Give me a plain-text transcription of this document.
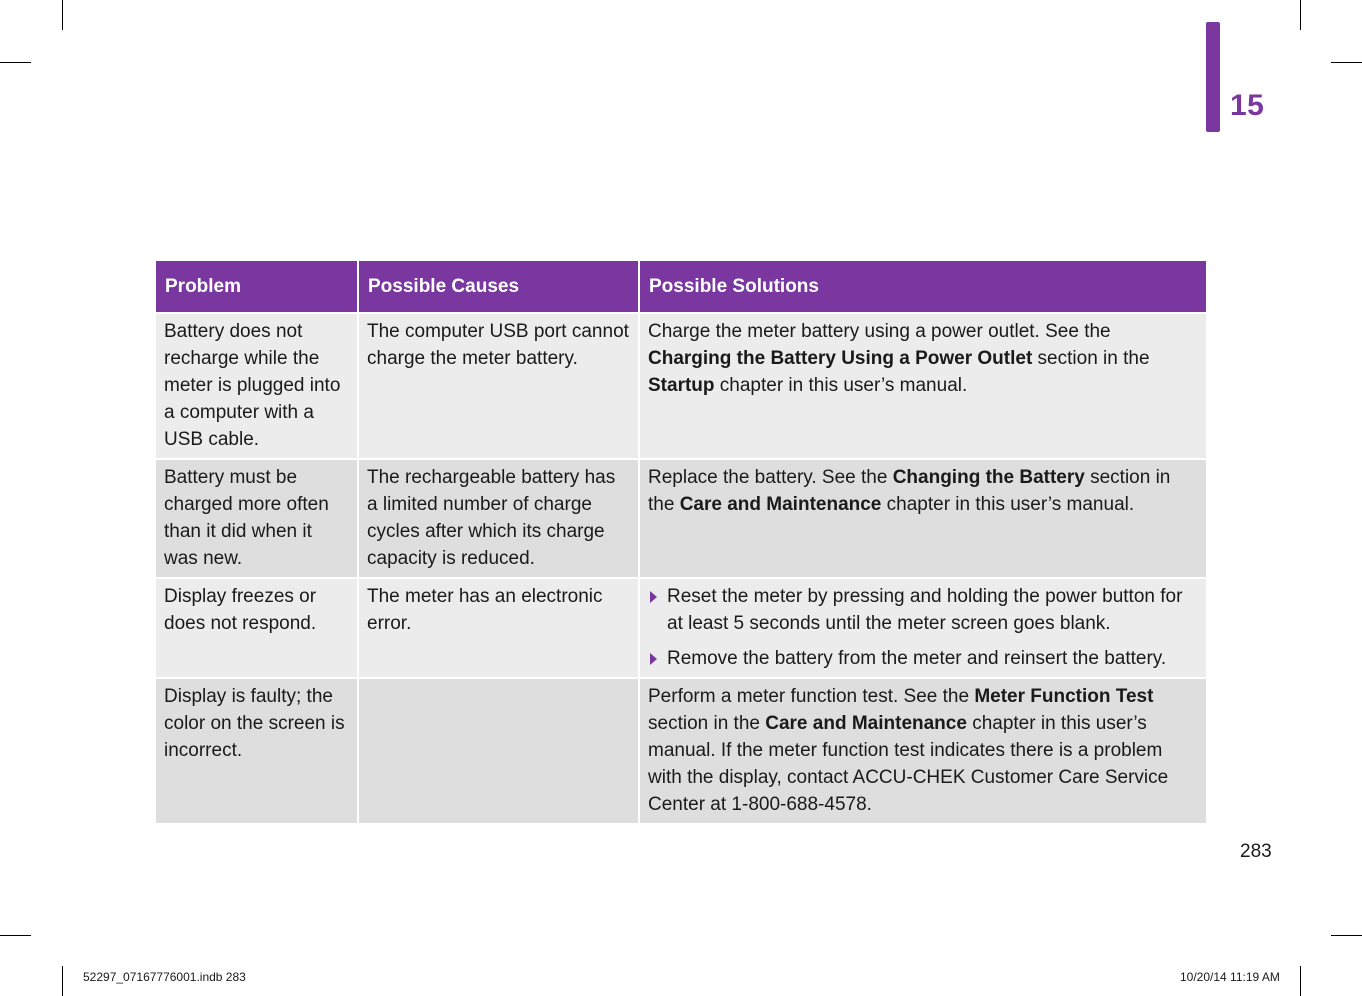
15
Problem	Possible Causes	Possible Solutions
Battery does not recharge while the meter is plugged into a computer with a USB cable.	The computer USB port cannot charge the meter battery.	Charge the meter battery using a power outlet. See the Charging the Battery Using a Power Outlet section in the Startup chapter in this user’s manual.
Battery must be charged more often than it did when it was new.	The rechargeable battery has a limited number of charge cycles after which its charge capacity is reduced.	Replace the battery. See the Changing the Battery section in the Care and Maintenance chapter in this user’s manual.
Display freezes or does not respond.	The meter has an electronic error.	Reset the meter by pressing and holding the power button for at least 5 seconds until the meter screen goes blank.
Remove the battery from the meter and reinsert the battery.

Display is faulty; the color on the screen is incorrect.		Perform a meter function test. See the Meter Function Test section in the Care and Maintenance chapter in this user’s manual. If the meter function test indicates there is a problem with the display, contact ACCU-CHEK Customer Care Service Center at 1-800-688-4578.
283
52297_07167776001.indb 283	10/20/14 11:19 AM
